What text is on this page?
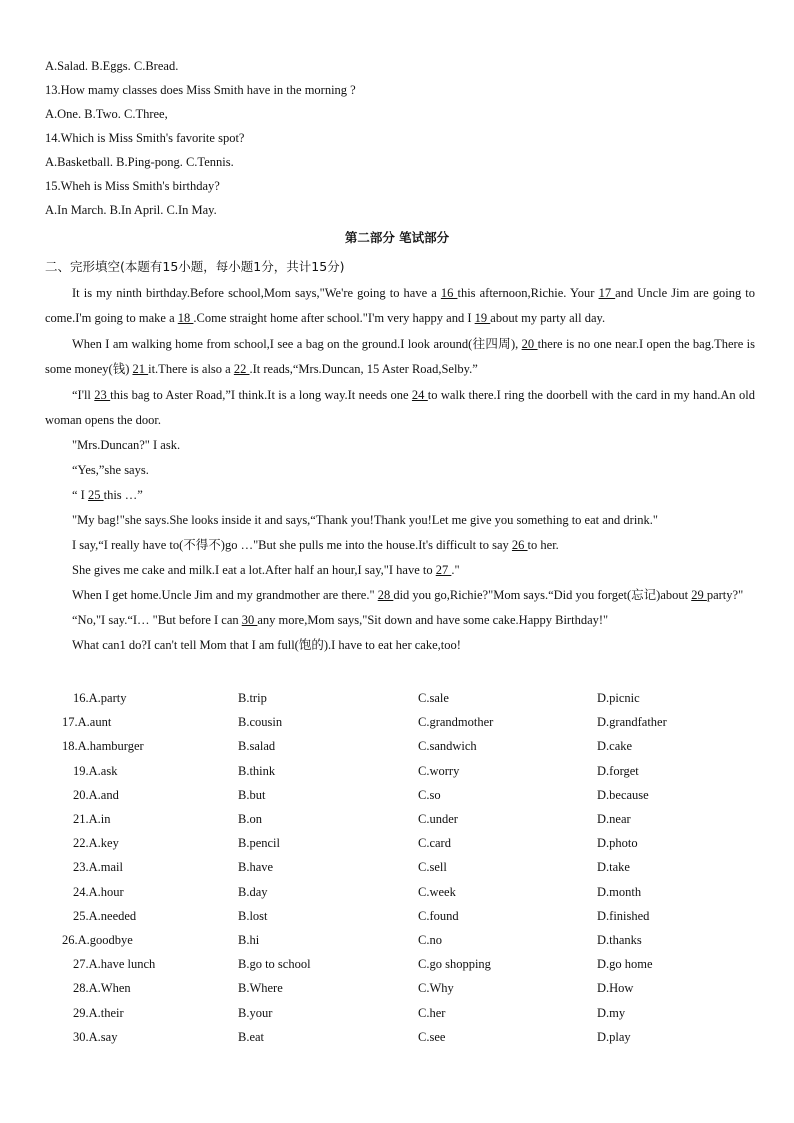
A.Salad. B.Eggs. C.Bread.
13.How mamy classes does Miss Smith have in the morning ?
A.One. B.Two. C.Three,
14.Which is Miss Smith's favorite spot?
A.Basketball. B.Ping-pong. C.Tennis.
15.Wheh is Miss Smith's birthday?
A.In March. B.In April. C.In May.
第二部分 笔试部分
二、完形填空(本题有15小题，每小题1分，共计15分)

It is my ninth birthday.Before school,Mom says,"We're going to have a 16 this afternoon,Richie. Your 17 and Uncle Jim are going to come.I'm going to make a 18 .Come straight home after school."I'm very happy and I 19 about my party all day.

When I am walking home from school,I see a bag on the ground.I look around(往四周), 20 there is no one near.I open the bag.There is some money(钱) 21 it.There is also a 22 .It reads,“Mrs.Duncan, 15 Aster Road,Selby.”

“I'll 23 this bag to Aster Road,”I think.It is a long way.It needs one 24 to walk there.I ring the doorbell with the card in my hand.An old woman opens the door.

"Mrs.Duncan?" I ask.

“Yes,”she says.

“ I 25 this …”

"My bag!"she says.She looks inside it and says,“Thank you!Thank you!Let me give you something to eat and drink."

I say,“I really have to(不得不)go …"But she pulls me into the house.It's difficult to say 26 to her.

She gives me cake and milk.I eat a lot.After half an hour,I say,"I have to 27 ."

When I get home.Uncle Jim and my grandmother are there." 28 did you go,Richie?"Mom says.“Did you forget(忘记)about 29 party?"

“No,"I say.“I… "But before I can 30 any more,Mom says,"Sit down and have some cake.Happy Birthday!"

What can1 do?I can't tell Mom that I am full(饱的).I have to eat her cake,too!

16.A.party	B.trip	C.sale	D.picnic
17.A.aunt	B.cousin	C.grandmother	D.grandfather
18.A.hamburger	B.salad	C.sandwich	D.cake
19.A.ask	B.think	C.worry	D.forget
20.A.and	B.but	C.so	D.because
21.A.in	B.on	C.under	D.near
22.A.key	B.pencil	C.card	D.photo
23.A.mail	B.have	C.sell	D.take
24.A.hour	B.day	C.week	D.month
25.A.needed	B.lost	C.found	D.finished
26.A.goodbye	B.hi	C.no	D.thanks
27.A.have lunch	B.go to school	C.go shopping	D.go home
28.A.When	B.Where	C.Why	D.How
29.A.their	B.your	C.her	D.my
30.A.say	B.eat	C.see	D.play
